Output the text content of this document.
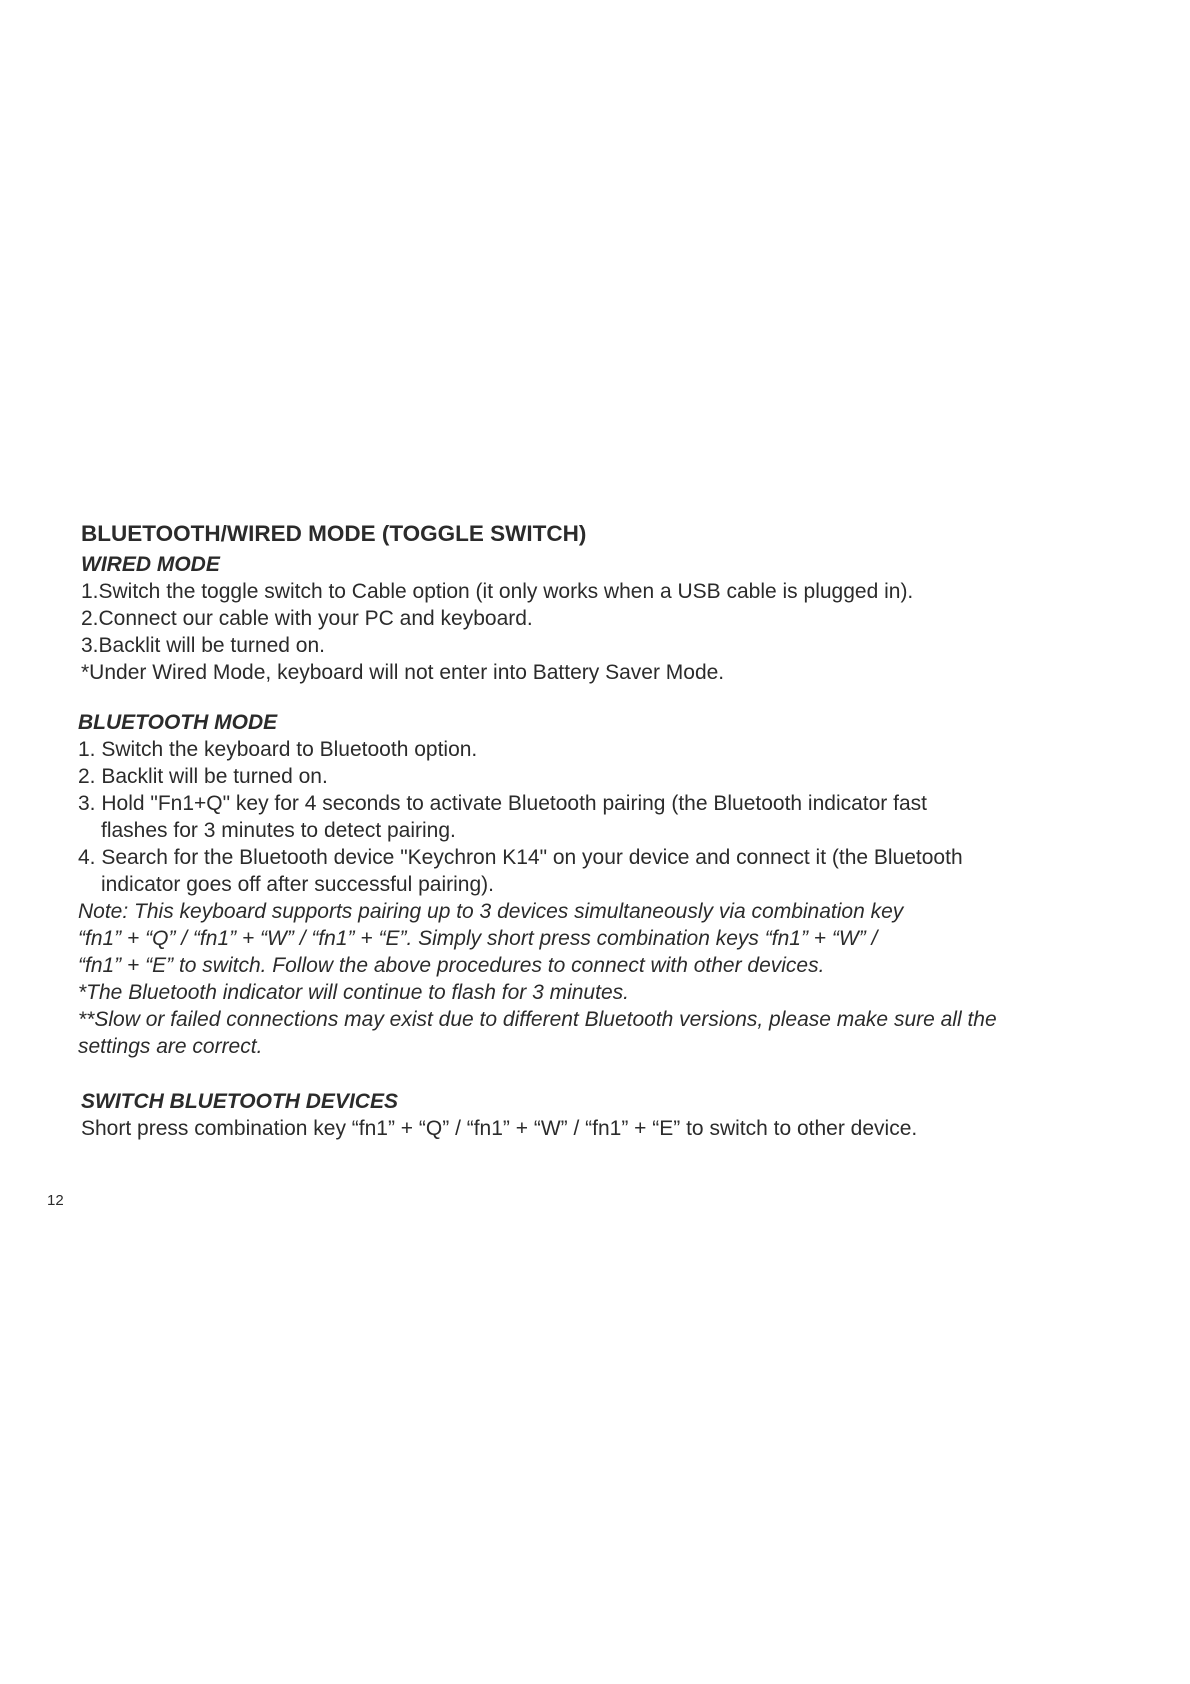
BLUETOOTH/WIRED MODE (TOGGLE SWITCH)
WIRED MODE

1.Switch the toggle switch to Cable option (it only works when a USB cable is plugged in).

2.Connect our cable with your PC and keyboard.

3.Backlit will be turned on.

*Under Wired Mode, keyboard will not enter into Battery Saver Mode.

BLUETOOTH MODE

1. Switch the keyboard to Bluetooth option.

2. Backlit will be turned on.

3. Hold "Fn1+Q" key for 4 seconds to activate Bluetooth pairing (the Bluetooth indicator fast

flashes for 3 minutes to detect pairing.

4. Search for the Bluetooth device "Keychron K14" on your device and connect it (the Bluetooth

indicator goes off after successful pairing).

Note: This keyboard supports pairing up to 3 devices simultaneously via combination key

“fn1” + “Q” / “fn1” + “W” / “fn1” + “E”. Simply short press combination keys “fn1” + “W” /

“fn1” + “E” to switch. Follow the above procedures to connect with other devices.

*The Bluetooth indicator will continue to flash for 3 minutes.

**Slow or failed connections may exist due to different Bluetooth versions, please make sure all the

settings are correct.

SWITCH BLUETOOTH DEVICES

Short press combination key “fn1” + “Q” / “fn1” + “W” / “fn1” + “E” to switch to other device.

12
